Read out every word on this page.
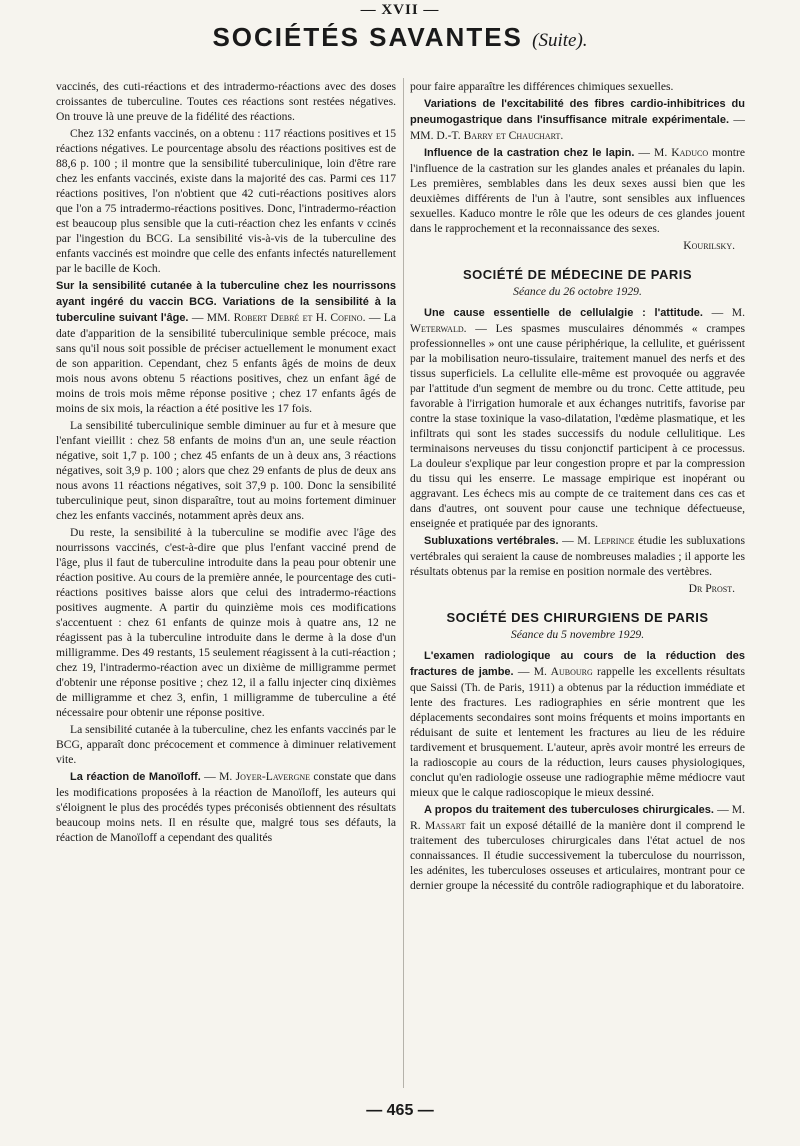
— XVII —
SOCIÉTÉS SAVANTES (Suite).

vaccinés, des cuti-réactions et des intradermo-réactions avec des doses croissantes de tuberculine. Toutes ces réactions sont restées négatives. On trouve là une preuve de la fidélité des réactions.

Chez 132 enfants vaccinés, on a obtenu : 117 réactions positives et 15 réactions négatives. Le pourcentage absolu des réactions positives est de 88,6 p. 100 ; il montre que la sensibilité tuberculinique, loin d'être rare chez les enfants vaccinés, existe dans la majorité des cas. Parmi ces 117 réactions positives, l'on n'obtient que 42 cuti-réactions positives alors que l'on a 75 intradermo-réactions positives. Donc, l'intradermo-réaction est beaucoup plus sensible que la cuti-réaction chez les enfants v ccinés par l'ingestion du BCG. La sensibilité vis-à-vis de la tuberculine des enfants vaccinés est moindre que celle des enfants infectés naturellement par le bacille de Koch.

Sur la sensibilité cutanée à la tuberculine chez les nourrissons ayant ingéré du vaccin BCG. Variations de la sensibilité à la tuberculine suivant l'âge. — MM. Robert Debré et H. Cofino. — La date d'apparition de la sensibilité tuberculinique semble précoce, mais sans qu'il nous soit possible de préciser actuellement le monument exact de son apparition. Cependant, chez 5 enfants âgés de moins de deux mois nous avons obtenu 5 réactions positives, chez un enfant âgé de moins de trois mois même réponse positive ; chez 17 enfants âgés de moins de six mois, la réaction a été positive les 17 fois.

La sensibilité tuberculinique semble diminuer au fur et à mesure que l'enfant vieillit : chez 58 enfants de moins d'un an, une seule réaction négative, soit 1,7 p. 100 ; chez 45 enfants de un à deux ans, 3 réactions négatives, soit 3,9 p. 100 ; alors que chez 29 enfants de plus de deux ans nous avons 11 réactions négatives, soit 37,9 p. 100. Donc la sensibilité tuberculinique peut, sinon disparaître, tout au moins fortement diminuer chez les enfants vaccinés, notamment après deux ans.

Du reste, la sensibilité à la tuberculine se modifie avec l'âge des nourrissons vaccinés, c'est-à-dire que plus l'enfant vacciné prend de l'âge, plus il faut de tuberculine introduite dans la peau pour obtenir une réaction positive. Au cours de la première année, le pourcentage des cuti-réactions positives baisse alors que celui des intradermo-réactions positives augmente. A partir du quinzième mois ces modifications s'accentuent : chez 61 enfants de quinze mois à quatre ans, 12 ne réagissent pas à la tuberculine introduite dans le derme à la dose d'un milligramme. Des 49 restants, 15 seulement réagissent à la cuti-réaction ; chez 19, l'intradermo-réaction avec un dixième de milligramme permet d'obtenir une réponse positive ; chez 12, il a fallu injecter cinq dixièmes de milligramme et chez 3, enfin, 1 milligramme de tuberculine a été nécessaire pour obtenir une réponse positive.

La sensibilité cutanée à la tuberculine, chez les enfants vaccinés par le BCG, apparaît donc précocement et commence à diminuer relativement vite.

La réaction de Manoïloff. — M. Joyer-Lavergne constate que dans les modifications proposées à la réaction de Manoïloff, les auteurs qui s'éloignent le plus des procédés types préconisés obtiennent des résultats beaucoup moins nets. Il en résulte que, malgré tous ses défauts, la réaction de Manoïloff a cependant des qualités

pour faire apparaître les différences chimiques sexuelles.

Variations de l'excitabilité des fibres cardio-inhibitrices du pneumogastrique dans l'insuffisance mitrale expérimentale. — MM. D.-T. Barry et Chauchart.

Influence de la castration chez le lapin. — M. Kaduco montre l'influence de la castration sur les glandes anales et préanales du lapin. Les premières, semblables dans les deux sexes aussi bien que les deuxièmes différents de l'un à l'autre, sont sensibles aux influences sexuelles. Kaduco montre le rôle que les odeurs de ces glandes jouent dans le rapprochement et la reconnaissance des sexes.

Kourilsky.

SOCIÉTÉ DE MÉDECINE DE PARIS

Séance du 26 octobre 1929.

Une cause essentielle de cellulalgie : l'attitude. — M. Weterwald. — Les spasmes musculaires dénommés « crampes professionnelles » ont une cause périphérique, la cellulite, et guérissent par la mobilisation neuro-tissulaire, traitement manuel des nerfs et des tissus superficiels. La cellulite elle-même est provoquée ou aggravée par l'attitude d'un segment de membre ou du tronc. Cette attitude, peu favorable à l'irrigation humorale et aux échanges nutritifs, favorise par contre la stase toxinique la vaso-dilatation, l'œdème plasmatique, et les infiltrats qui sont les stades successifs du nodule cellulitique. Les terminaisons nerveuses du tissu conjonctif participent à ce processus. La douleur s'explique par leur congestion propre et par la compression du tissu qui les enserre. Le massage empirique est inopérant ou aggravant. Les échecs mis au compte de ce traitement dans ces cas et dans d'autres, ont souvent pour cause une technique défectueuse, enseignée et pratiquée par des ignorants.

Subluxations vertébrales. — M. Leprince étudie les subluxations vertébrales qui seraient la cause de nombreuses maladies ; il apporte les résultats obtenus par la remise en position normale des vertèbres.

Dr Prost.

SOCIÉTÉ DES CHIRURGIENS DE PARIS

Séance du 5 novembre 1929.

L'examen radiologique au cours de la réduction des fractures de jambe. — M. Aubourg rappelle les excellents résultats que Saissi (Th. de Paris, 1911) a obtenus par la réduction immédiate et lente des fractures. Les radiographies en série montrent que les déplacements secondaires sont moins fréquents et moins importants en réduisant de suite et lentement les fractures au lieu de les réduire tardivement et brusquement. L'auteur, après avoir montré les erreurs de la radioscopie au cours de la réduction, leurs causes physiologiques, conclut qu'en radiologie osseuse une radiographie même médiocre vaut mieux que le calque radioscopique le mieux dessiné.

A propos du traitement des tuberculoses chirurgicales. — M. R. Massart fait un exposé détaillé de la manière dont il comprend le traitement des tuberculoses chirurgicales dans l'état actuel de nos connaissances. Il étudie successivement la tuberculose du nourrisson, les adénites, les tuberculoses osseuses et articulaires, montrant pour ce dernier groupe la nécessité du contrôle radiographique et du laboratoire.

— 465 —
